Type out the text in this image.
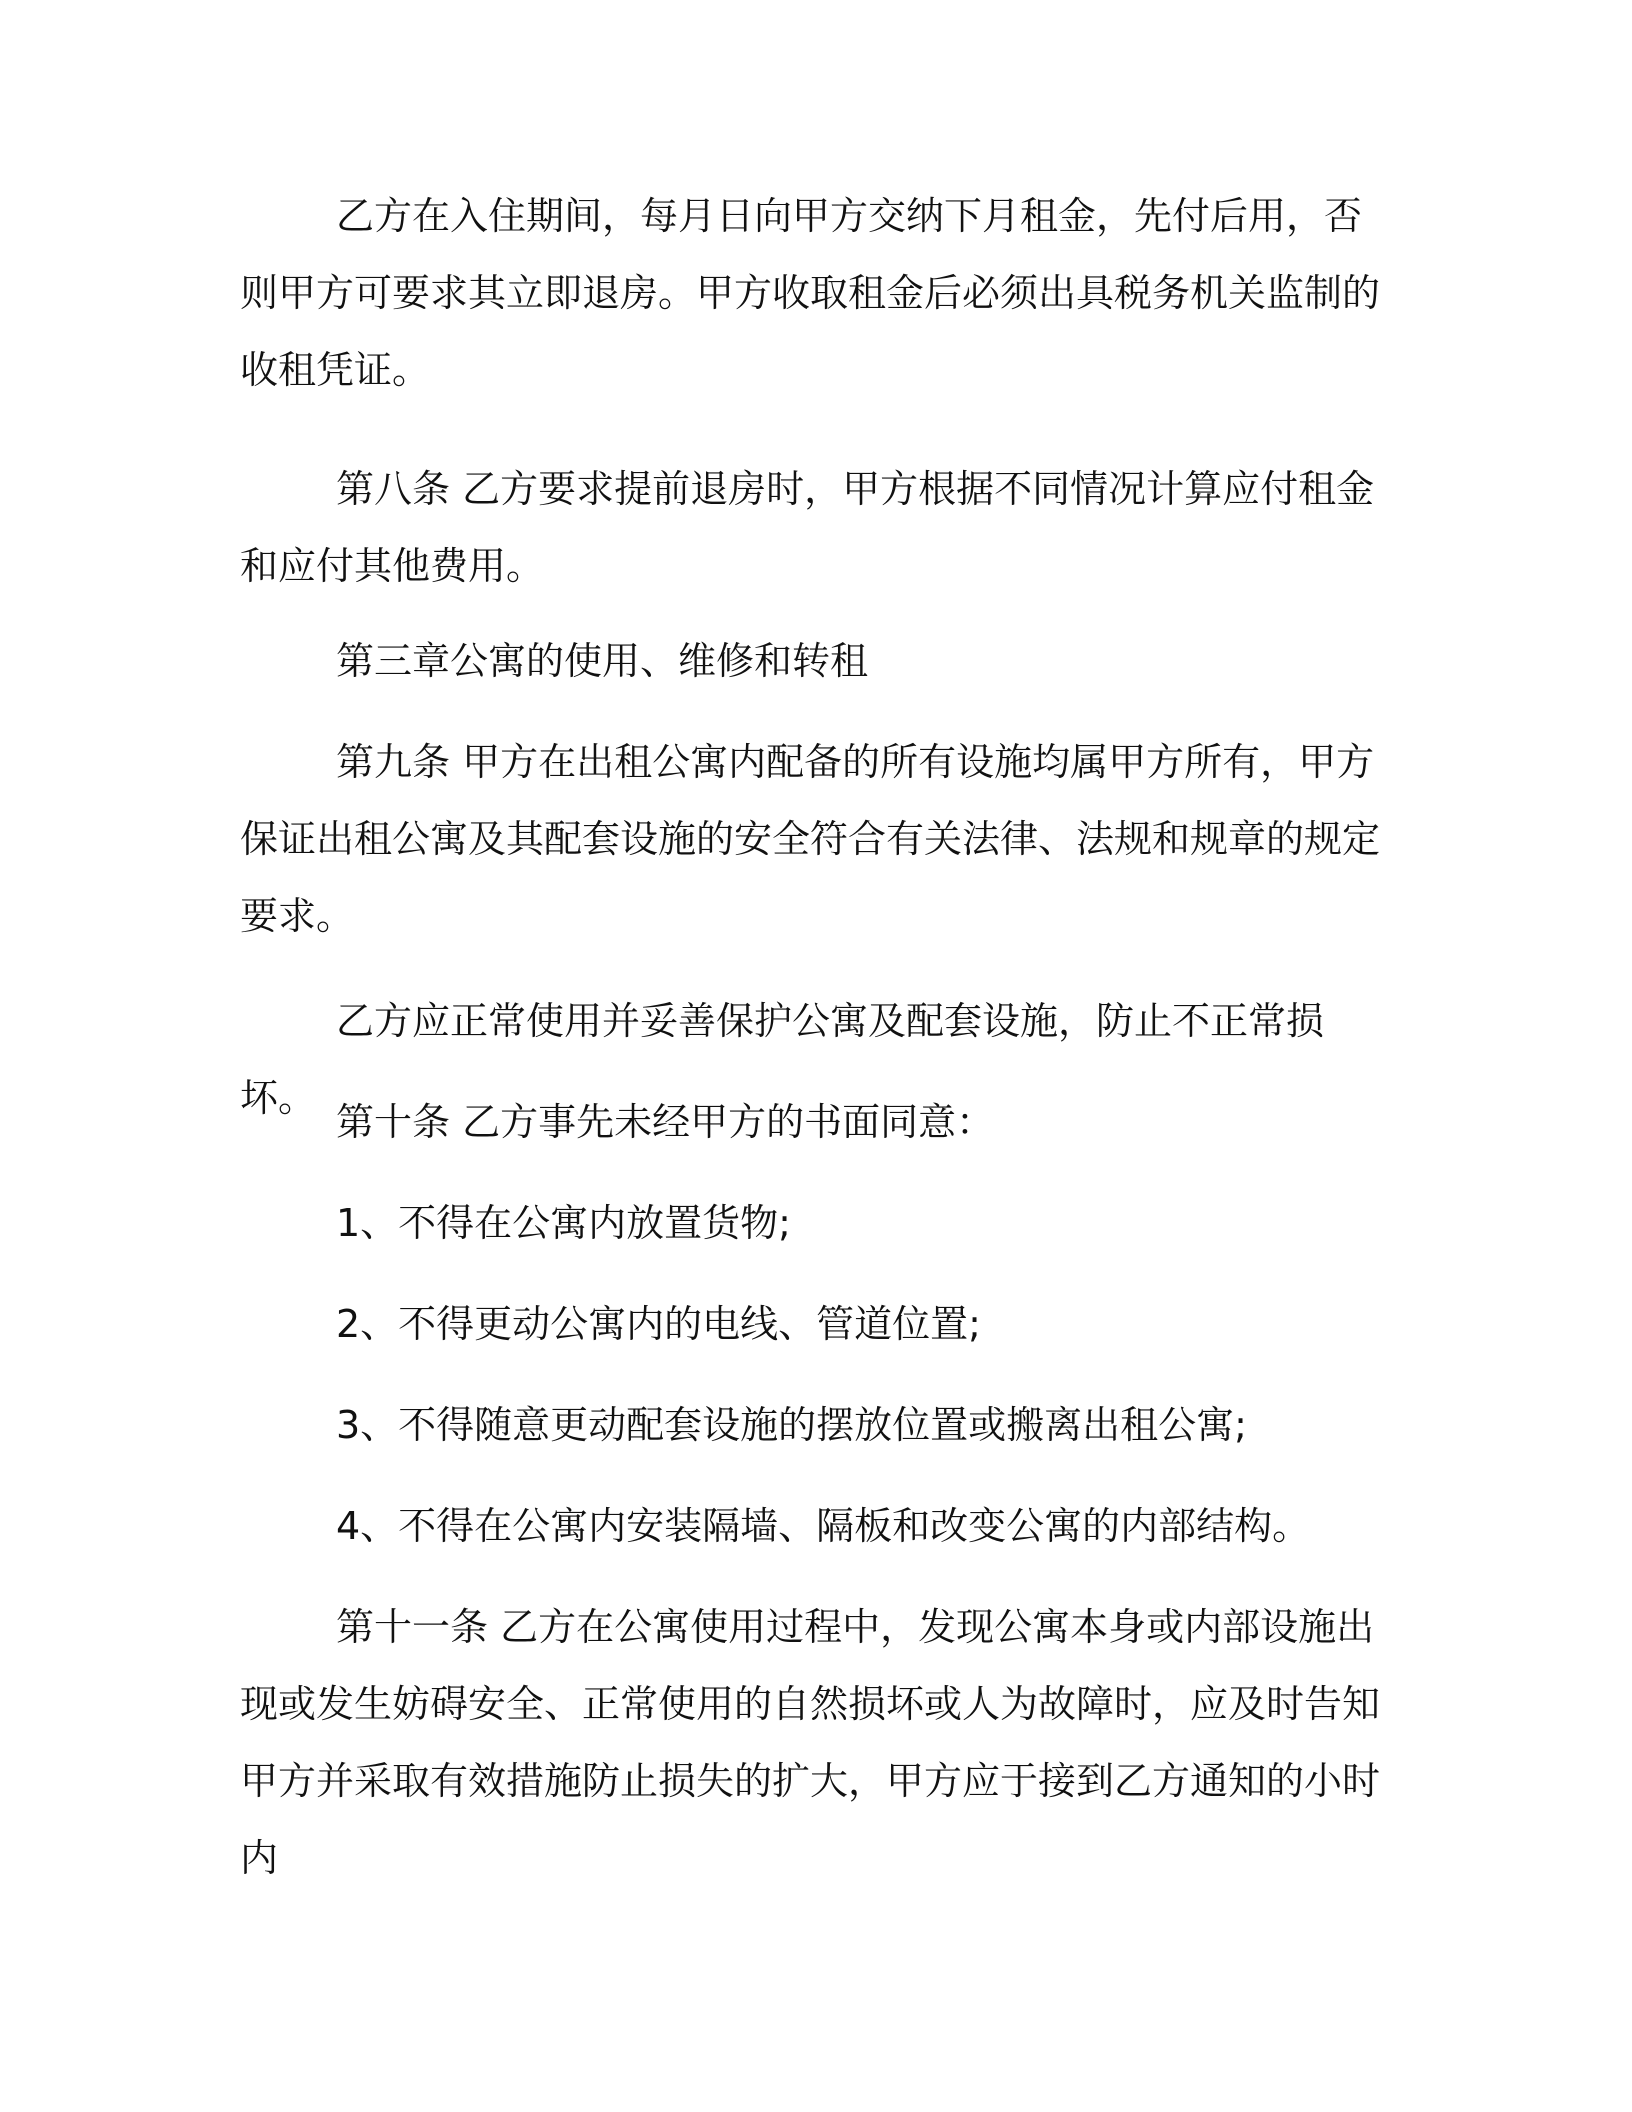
乙方在入住期间，每月日向甲方交纳下月租金，先付后用，否则甲方可要求其立即退房。甲方收取租金后必须出具税务机关监制的收租凭证。

第八条 乙方要求提前退房时，甲方根据不同情况计算应付租金和应付其他费用。

第三章公寓的使用、维修和转租

第九条 甲方在出租公寓内配备的所有设施均属甲方所有，甲方保证出租公寓及其配套设施的安全符合有关法律、法规和规章的规定要求。

乙方应正常使用并妥善保护公寓及配套设施，防止不正常损坏。

第十条 乙方事先未经甲方的书面同意：

1、不得在公寓内放置货物;

2、不得更动公寓内的电线、管道位置;

3、不得随意更动配套设施的摆放位置或搬离出租公寓;

4、不得在公寓内安装隔墙、隔板和改变公寓的内部结构。

第十一条 乙方在公寓使用过程中，发现公寓本身或内部设施出现或发生妨碍安全、正常使用的自然损坏或人为故障时，应及时告知甲方并采取有效措施防止损失的扩大，甲方应于接到乙方通知的小时内
